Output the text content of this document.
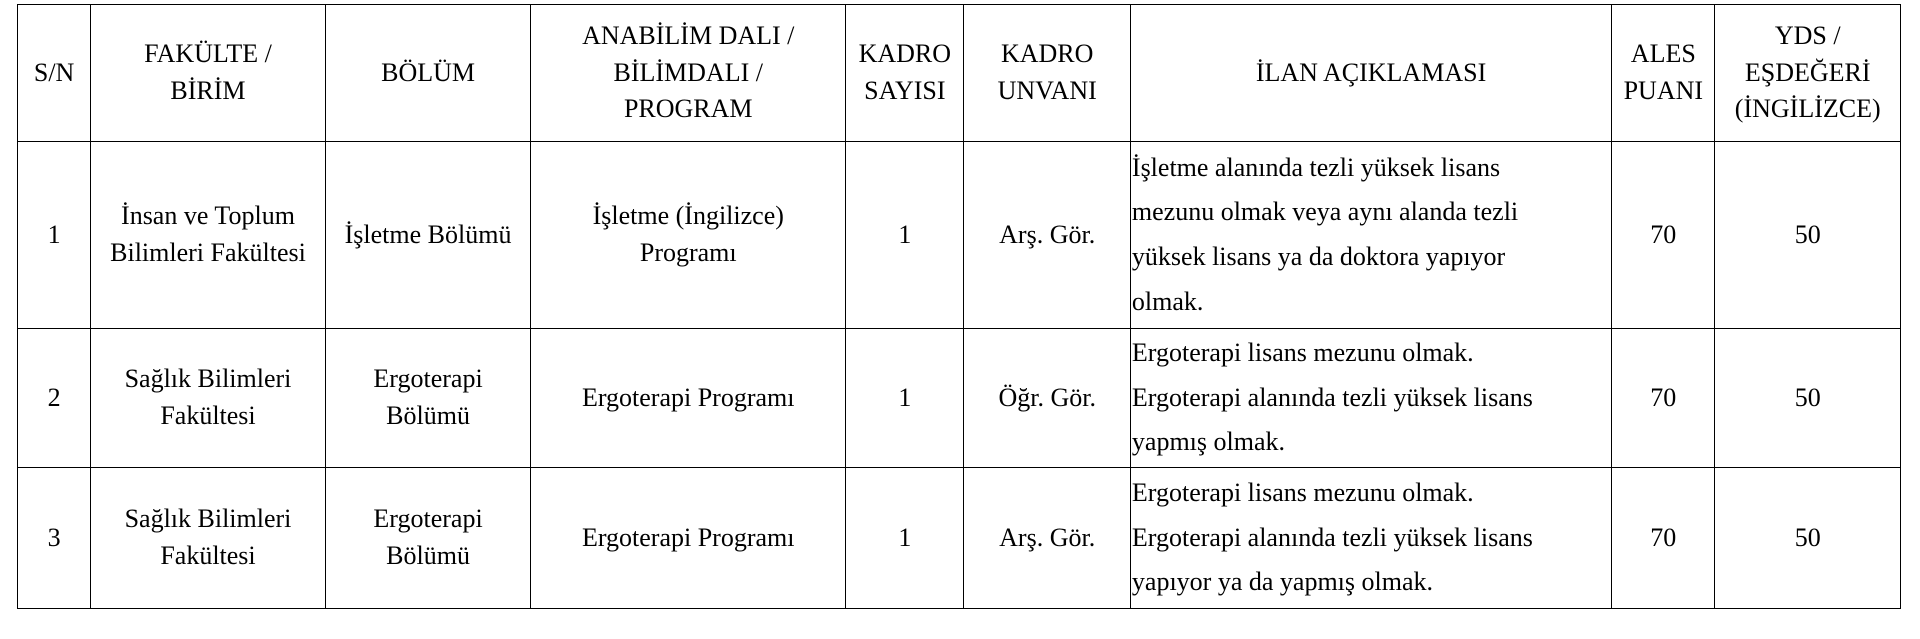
S/N	FAKÜLTE /
BİRİM	BÖLÜM	ANABİLİM DALI /
BİLİMDALI /
PROGRAM	KADRO
SAYISI	KADRO
UNVANI	İLAN AÇIKLAMASI	ALES
PUANI	YDS /
EŞDEĞERİ
(İNGİLİZCE)

1	İnsan ve Toplum
Bilimleri Fakültesi	İşletme Bölümü	İşletme (İngilizce)
Programı	1	Arş. Gör.	İşletme alanında tezli yüksek lisans
mezunu olmak veya aynı alanda tezli
yüksek lisans ya da doktora yapıyor
olmak.	70	50
2	Sağlık Bilimleri
Fakültesi	Ergoterapi
Bölümü	Ergoterapi Programı	1	Öğr. Gör.	Ergoterapi lisans mezunu olmak.
Ergoterapi alanında tezli yüksek lisans
yapmış olmak.	70	50
3	Sağlık Bilimleri
Fakültesi	Ergoterapi
Bölümü	Ergoterapi Programı	1	Arş. Gör.	Ergoterapi lisans mezunu olmak.
Ergoterapi alanında tezli yüksek lisans
yapıyor ya da yapmış olmak.	70	50
